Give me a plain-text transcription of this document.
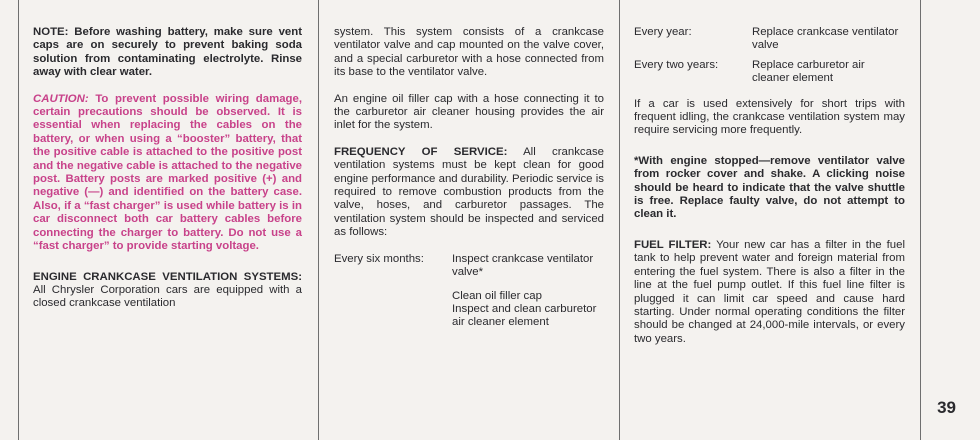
NOTE: Before washing battery, make sure vent caps are on securely to prevent baking soda solution from contaminating electrolyte. Rinse away with clear water.

CAUTION: To prevent possible wiring damage, certain precautions should be observed. It is essential when replacing the cables on the battery, or when using a “booster” battery, that the positive cable is attached to the positive post and the negative cable is attached to the negative post. Battery posts are marked positive (+) and negative (—) and identified on the battery case. Also, if a “fast charger” is used while battery is in car disconnect both car battery cables before connecting the charger to battery. Do not use a “fast charger” to provide starting voltage.

ENGINE CRANKCASE VENTILATION SYSTEMS: All Chrysler Corporation cars are equipped with a closed crankcase ventilation

system. This system consists of a crankcase ventilator valve and cap mounted on the valve cover, and a special carburetor with a hose connected from its base to the ventilator valve.

An engine oil filler cap with a hose connecting it to the carburetor air cleaner housing provides the air inlet for the system.

FREQUENCY OF SERVICE: All crankcase ventilation systems must be kept clean for good engine performance and durability. Periodic service is required to remove combustion products from the valve, hoses, and carburetor passages. The ventilation system should be inspected and serviced as follows:

Every six months:	Inspect crankcase ventilator valve*
Clean oil filler cap
Inspect and clean carburetor air cleaner element
Every year:	Replace crankcase ventilator valve
Every two years:	Replace carburetor air cleaner element

If a car is used extensively for short trips with frequent idling, the crankcase ventilation system may require servicing more frequently.

*With engine stopped—remove ventilator valve from rocker cover and shake. A clicking noise should be heard to indicate that the valve shuttle is free. Replace faulty valve, do not attempt to clean it.

FUEL FILTER: Your new car has a filter in the fuel tank to help prevent water and foreign material from entering the fuel system. There is also a filter in the line at the fuel pump outlet. If this fuel line filter is plugged it can limit car speed and cause hard starting. Under normal operating conditions the filter should be changed at 24,000-mile intervals, or every two years.

39
